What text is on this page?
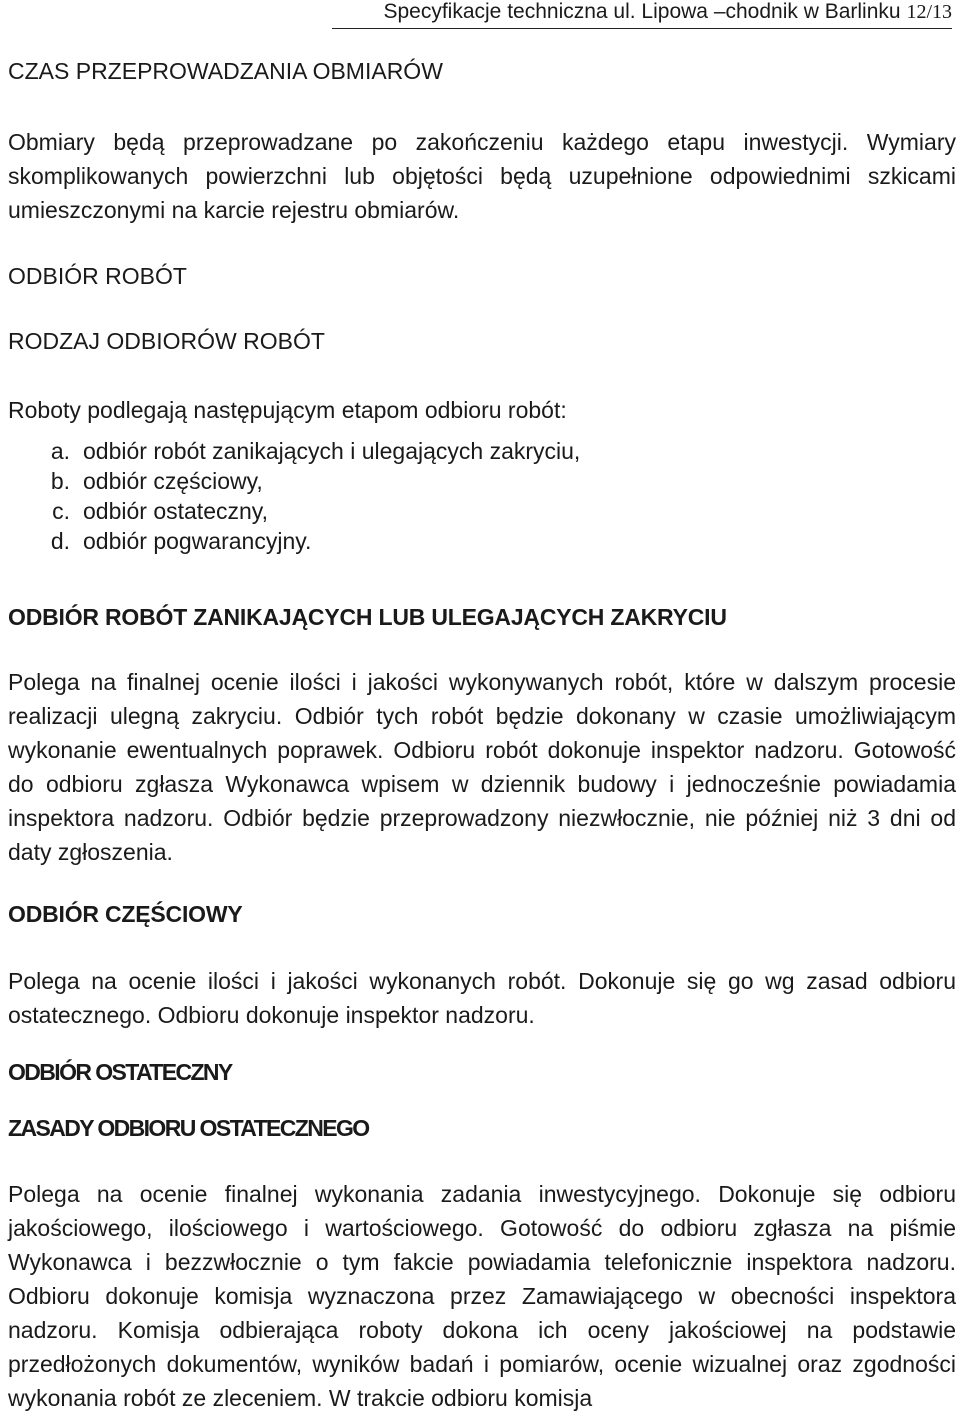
Specyfikacje techniczna ul. Lipowa –chodnik w Barlinku 12/13
CZAS PRZEPROWADZANIA OBMIARÓW

Obmiary będą przeprowadzane po zakończeniu każdego etapu inwestycji. Wymiary skomplikowanych powierzchni lub objętości będą uzupełnione odpowiednimi szkicami umieszczonymi na karcie rejestru obmiarów.

ODBIÓR ROBÓT
RODZAJ ODBIORÓW ROBÓT

Roboty podlegają następującym etapom odbioru robót:

a. odbiór robót zanikających i ulegających zakryciu,
b. odbiór częściowy,
c. odbiór ostateczny,
d. odbiór pogwarancyjny.
ODBIÓR ROBÓT ZANIKAJĄCYCH LUB ULEGAJĄCYCH ZAKRYCIU

Polega na finalnej ocenie ilości i jakości wykonywanych robót, które w dalszym procesie realizacji ulegną zakryciu. Odbiór tych robót będzie dokonany w czasie umożliwiającym wykonanie ewentualnych poprawek. Odbioru robót dokonuje inspektor nadzoru. Gotowość do odbioru zgłasza Wykonawca wpisem w dziennik budowy i jednocześnie powiadamia inspektora nadzoru. Odbiór będzie przeprowadzony niezwłocznie, nie później niż 3 dni od daty zgłoszenia.

ODBIÓR CZĘŚCIOWY

Polega na ocenie ilości i jakości wykonanych robót. Dokonuje się go wg zasad odbioru ostatecznego. Odbioru dokonuje inspektor nadzoru.

ODBIÓR OSTATECZNY
ZASADY ODBIORU OSTATECZNEGO

Polega na ocenie finalnej wykonania zadania inwestycyjnego. Dokonuje się odbioru jakościowego, ilościowego i wartościowego. Gotowość do odbioru zgłasza na piśmie Wykonawca i bezzwłocznie o tym fakcie powiadamia telefonicznie inspektora nadzoru. Odbioru dokonuje komisja wyznaczona przez Zamawiającego w obecności inspektora nadzoru. Komisja odbierająca roboty dokona ich oceny jakościowej na podstawie przedłożonych dokumentów, wyników badań i pomiarów, ocenie wizualnej oraz zgodności wykonania robót ze zleceniem. W trakcie odbioru komisja
